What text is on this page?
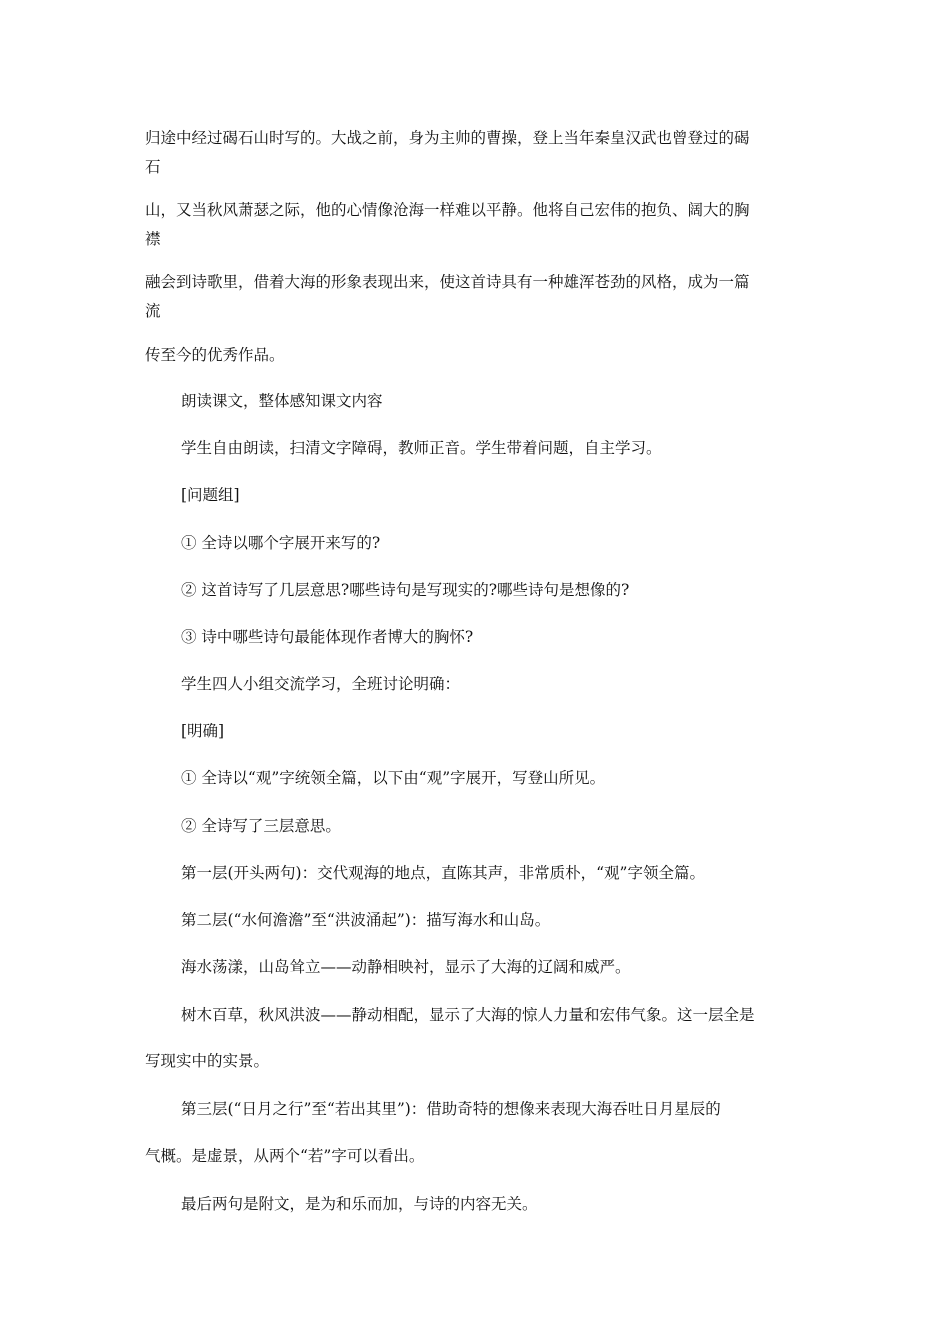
归途中经过碣石山时写的。大战之前，身为主帅的曹操，登上当年秦皇汉武也曾登过的碣
石
山，又当秋风萧瑟之际，他的心情像沧海一样难以平静。他将自己宏伟的抱负、阔大的胸
襟
融会到诗歌里，借着大海的形象表现出来，使这首诗具有一种雄浑苍劲的风格，成为一篇
流
传至今的优秀作品。
朗读课文，整体感知课文内容
学生自由朗读，扫清文字障碍，教师正音。学生带着问题，自主学习。
[问题组]
① 全诗以哪个字展开来写的?
② 这首诗写了几层意思?哪些诗句是写现实的?哪些诗句是想像的?
③ 诗中哪些诗句最能体现作者博大的胸怀?
学生四人小组交流学习，全班讨论明确：
[明确]
① 全诗以“观”字统领全篇，以下由“观”字展开，写登山所见。
② 全诗写了三层意思。
第一层(开头两句)：交代观海的地点，直陈其声，非常质朴，“观”字领全篇。
第二层(“水何澹澹”至“洪波涌起”)：描写海水和山岛。
海水荡漾，山岛耸立——动静相映衬，显示了大海的辽阔和威严。
树木百草，秋风洪波——静动相配，显示了大海的惊人力量和宏伟气象。这一层全是
写现实中的实景。
第三层(“日月之行”至“若出其里”)：借助奇特的想像来表现大海吞吐日月星辰的
气概。是虚景，从两个“若”字可以看出。
最后两句是附文，是为和乐而加，与诗的内容无关。
